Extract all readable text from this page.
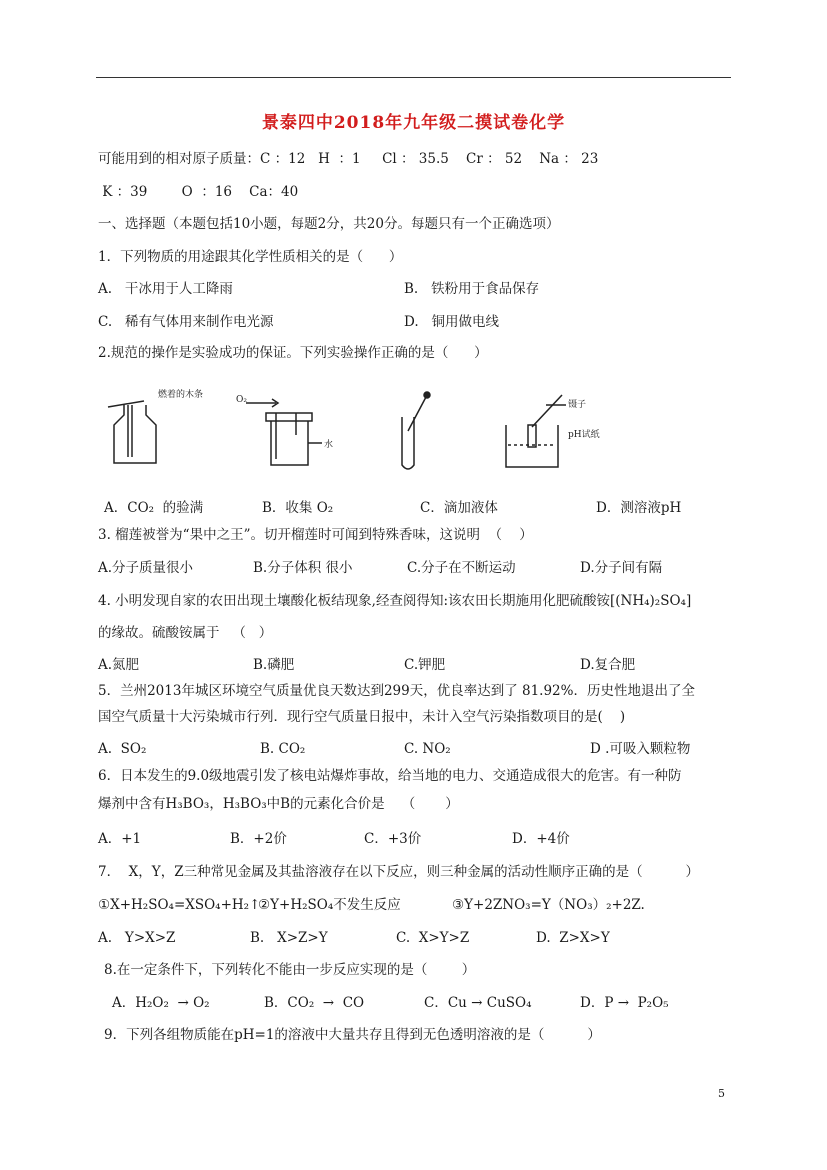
景泰四中2018年九年级二摸试卷化学
可能用到的相对原子质量：C ：12   H  ：1     Cl ： 35.5    Cr ： 52    Na ： 23
K ：39        O  ：16    Ca：40
一、选择题（本题包括10小题，每题2分，共20分。每题只有一个正确选项）
1．下列物质的用途跟其化学性质相关的是（      ）
A.   干冰用于人工降雨	B.   铁粉用于食品保存
C.   稀有气体用来制作电光源	D.   铜用做电线
2.规范的操作是实验成功的保证。下列实验操作正确的是（      ）
燃着的木条	O₂
水
镊子
pH试纸
A．CO₂  的验满	B．收集 O₂	C．滴加液体	D．测溶液pH
3. 榴莲被誉为“果中之王”。切开榴莲时可闻到特殊香味，这说明  （    ）
A.分子质量很小	B.分子体积 很小	C.分子在不断运动	D.分子间有隔
4. 小明发现自家的农田出现土壤酸化板结现象,经查阅得知:该农田长期施用化肥硫酸铵[(NH₄)₂SO₄]
的缘故。硫酸铵属于   （   ）
A.氮肥	B.磷肥	C.钾肥	D.复合肥
5．兰州2013年城区环境空气质量优良天数达到299天，优良率达到了 81.92%．历史性地退出了全
国空气质量十大污染城市行列．现行空气质量日报中，未计入空气污染指数项目的是(    )
A.  SO₂	B. CO₂	C. NO₂	D .可吸入颗粒物
6．日本发生的9.0级地震引发了核电站爆炸事故，给当地的电力、交通造成很大的危害。有一种防
爆剂中含有H₃BO₃，H₃BO₃中B的元素化合价是    （       ）
A．+1	B．+2价	C．+3价	D．+4价
7．  X，Y，Z三种常见金属及其盐溶液存在以下反应，则三种金属的活动性顺序正确的是（          ）
①X+H₂SO₄=XSO₄+H₂↑
②Y+H₂SO₄不发生反应	③Y+2ZNO₃=Y（NO₃）₂+2Z.
A.   Y>X>Z	B.   X>Z>Y	C.  X>Y>Z	D.  Z>X>Y
8.在一定条件下，下列转化不能由一步反应实现的是（        ）
A．H₂O₂  → O₂	B．CO₂  →  CO	C．Cu → CuSO₄	D．P →  P₂O₅
9．下列各组物质能在pH=1的溶液中大量共存且得到无色透明溶液的是（          ）
5
